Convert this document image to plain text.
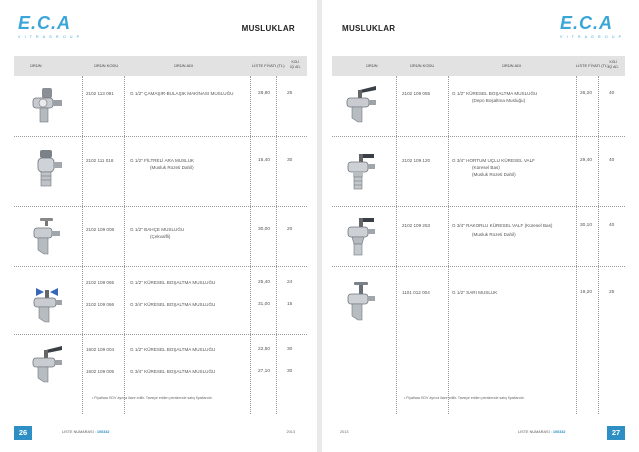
E.C.A
V I T R A G R O U P
MUSLUKLAR
ÜRÜN	ÜRÜN KODU	ÜRÜN ADI	LİSTE FİYATI (TL)
KOLİ
İÇİ AD.
2102 113 091	G 1/2" ÇAMAŞIR-BULAŞIK MAKİNASI MUSLUĞU	28,80	25
2102 111 018	G 1/2" FİLTRELİ ARA MUSLUK
(Musluk Rozeti Dahil)
16,40	30
2102 109 008	G 1/2" BAHÇE MUSLUĞU
(Çekvalfli)
30,00	20
2102 109 065	G 1/2" KÜRESEL BOŞALTMA MUSLUĞU	25,40	24
2102 109 066	G 3/4" KÜRESEL BOŞALTMA MUSLUĞU	31,00	15
1602 109 004	G 1/2" KÜRESEL BOŞALTMA MUSLUĞU	22,50	30
1602 109 005	G 3/4" KÜRESEL BOŞALTMA MUSLUĞU	27,10	30
• Fiyatlara KDV ayrıca ilave edilir. Tavsiye edilen perakende satış fiyatlarıdır.
26	LİSTE NUMARASI : 100332	2013
E.C.A
V I T R A G R O U P
MUSLUKLAR
ÜRÜN	ÜRÜN KODU	ÜRÜN ADI	LİSTE FİYATI (TL)
KOLİ
İÇİ AD.
2102 109 055	G 1/2" KÜRESEL BOŞALTMA MUSLUĞU
(Depo Boşaltma Musluğu)
26,20	40
2102 109 120	G 3/4" HORTUM UÇLU KÜRESEL VALF
(Küresel Bas)
(Musluk Rozeti Dahil)
29,40	40
2102 109 253	G 3/4" RAKORLU KÜRESEL VALF (Küresel Bas)
(Musluk Rozeti Dahil)
30,10	40
1101 012 004	G 1/2" SARI MUSLUK	19,20	25
• Fiyatlara KDV ayrıca ilave edilir. Tavsiye edilen perakende satış fiyatlarıdır.
2013	LİSTE NUMARASI : 100332	27
